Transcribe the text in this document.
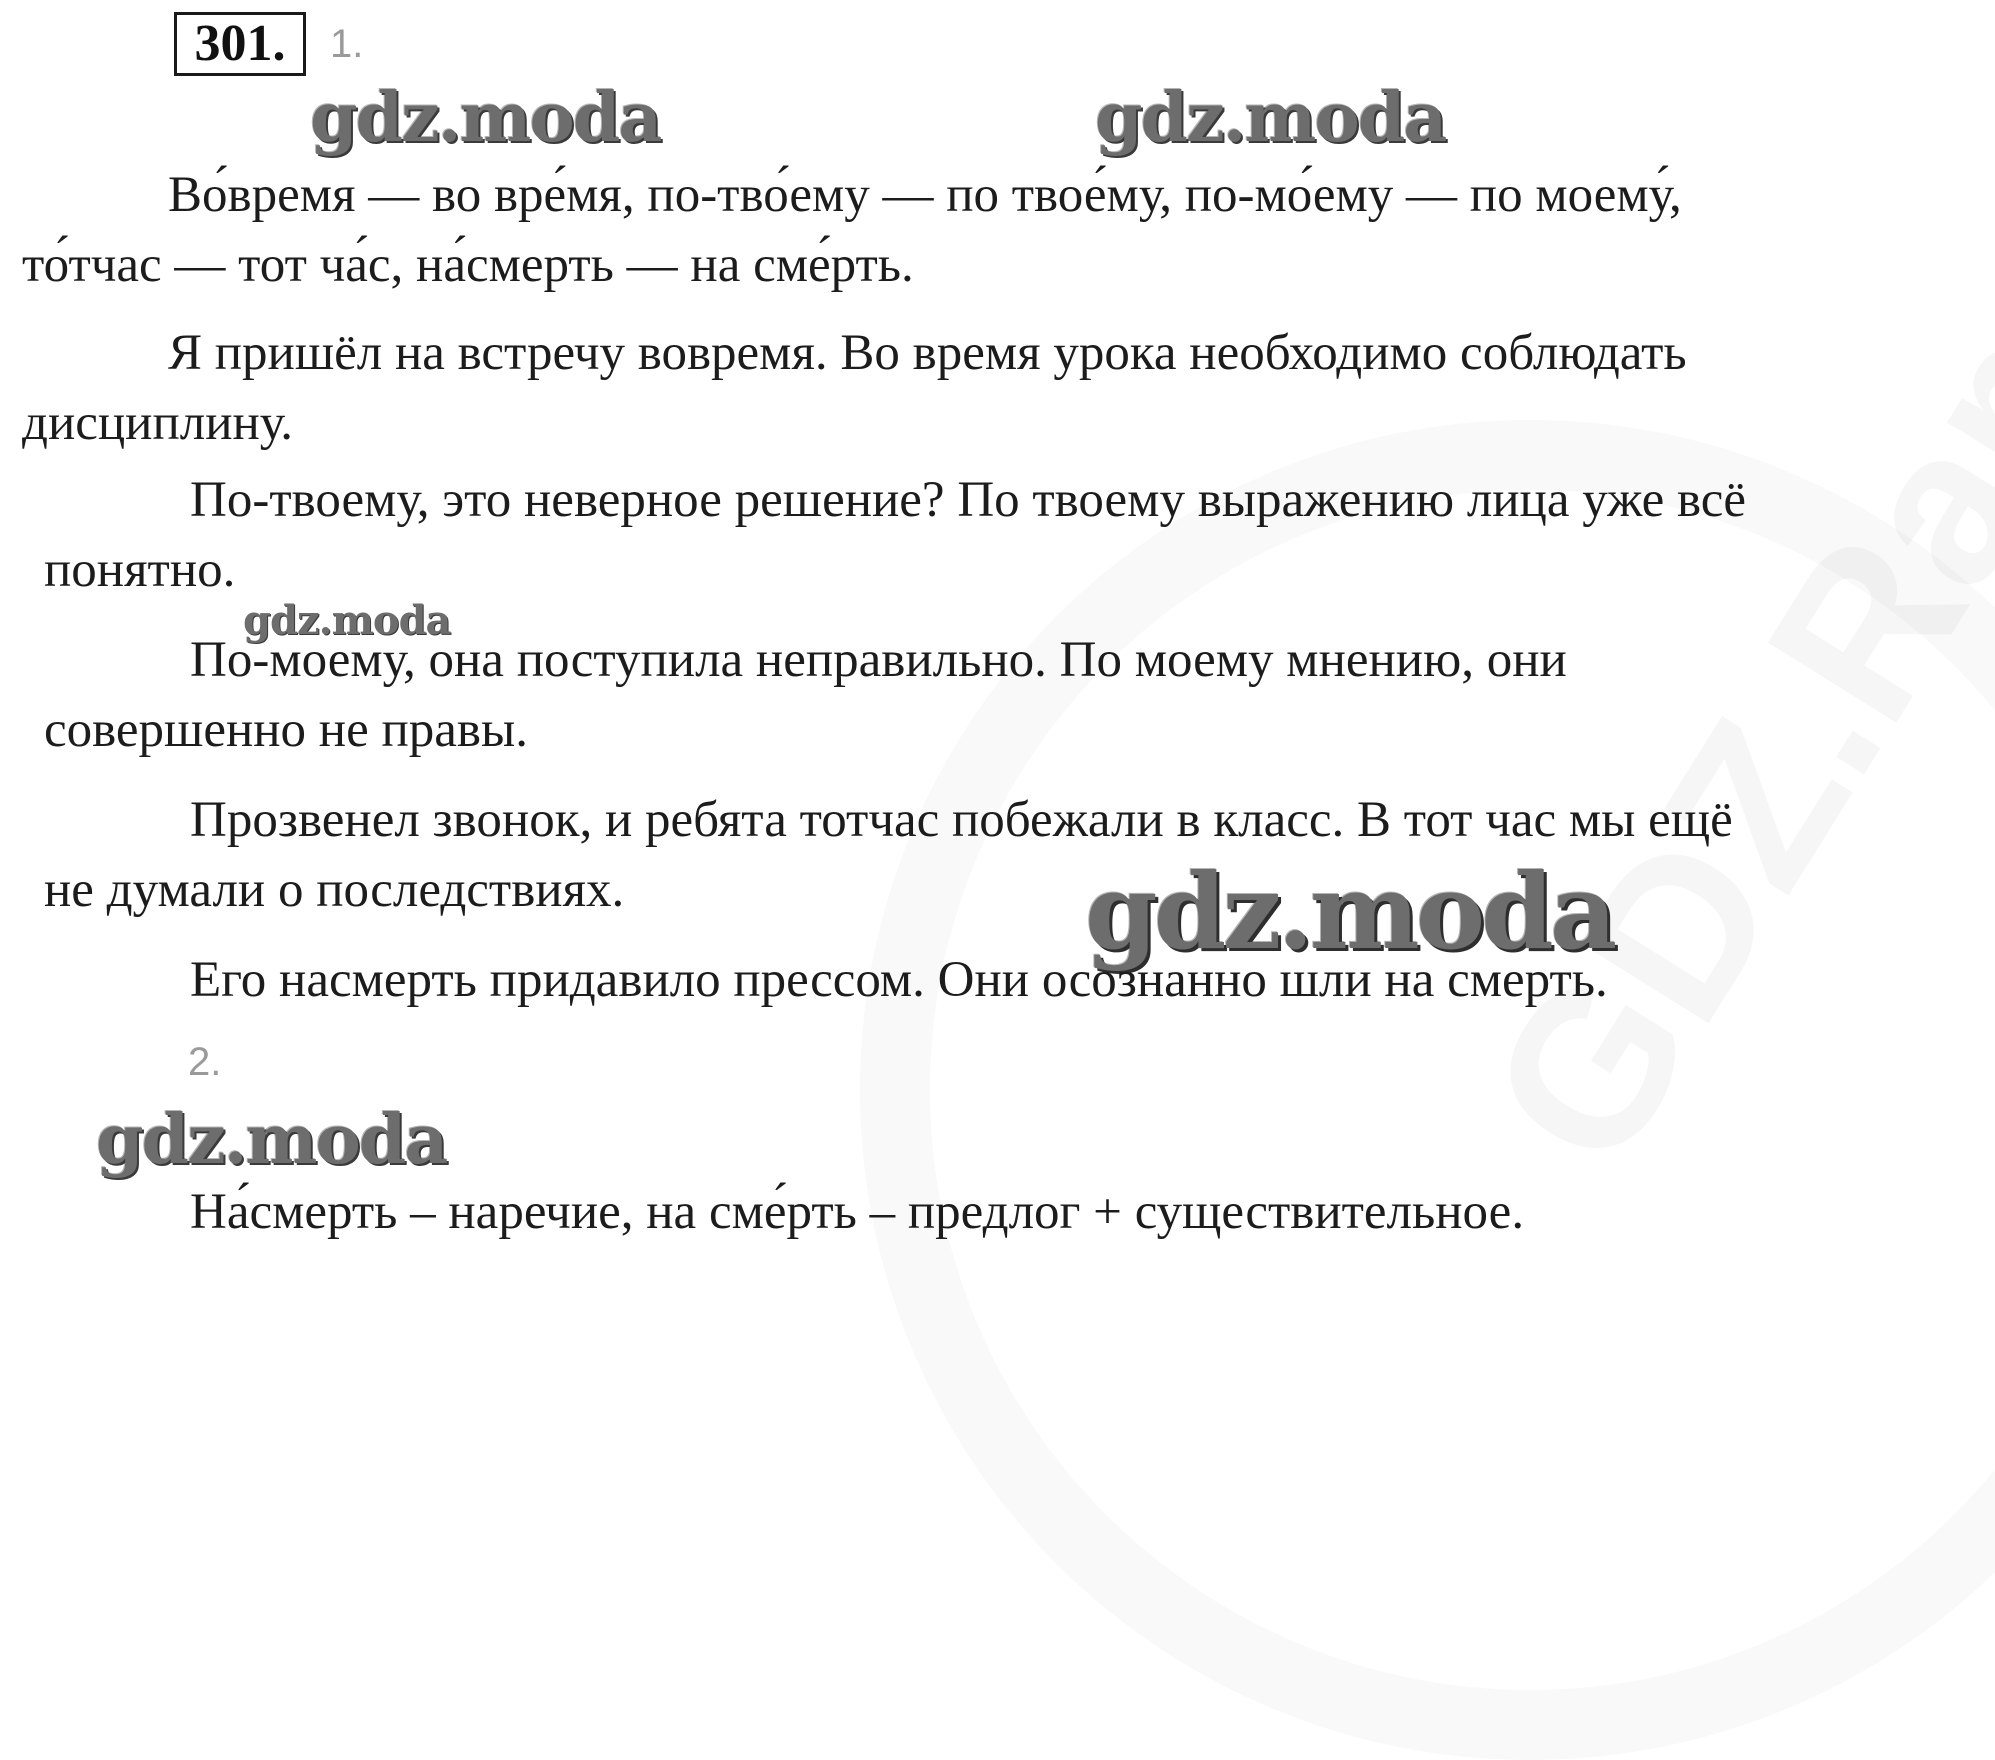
301.	1.
gdz.moda	gdz.moda
Во́время — во вре́мя, по-тво́ему — по твое́му, по-мо́ему — по моему́,
то́тчас — тот ча́с, на́смерть — на сме́рть.
Я пришёл на встречу вовремя. Во время урока необходимо соблюдать
дисциплину.
По-твоему, это неверное решение? По твоему выражению лица уже всё
понятно.
gdz.moda
По-моему, она поступила неправильно. По моему мнению, они
совершенно не правы.
Прозвенел звонок, и ребята тотчас побежали в класс. В тот час мы ещё
не думали о последствиях.	gdz.moda
Его насмерть придавило прессом. Они осознанно шли на смерть.
2.
gdz.moda
На́смерть – наречие, на сме́рть – предлог + существительное.
